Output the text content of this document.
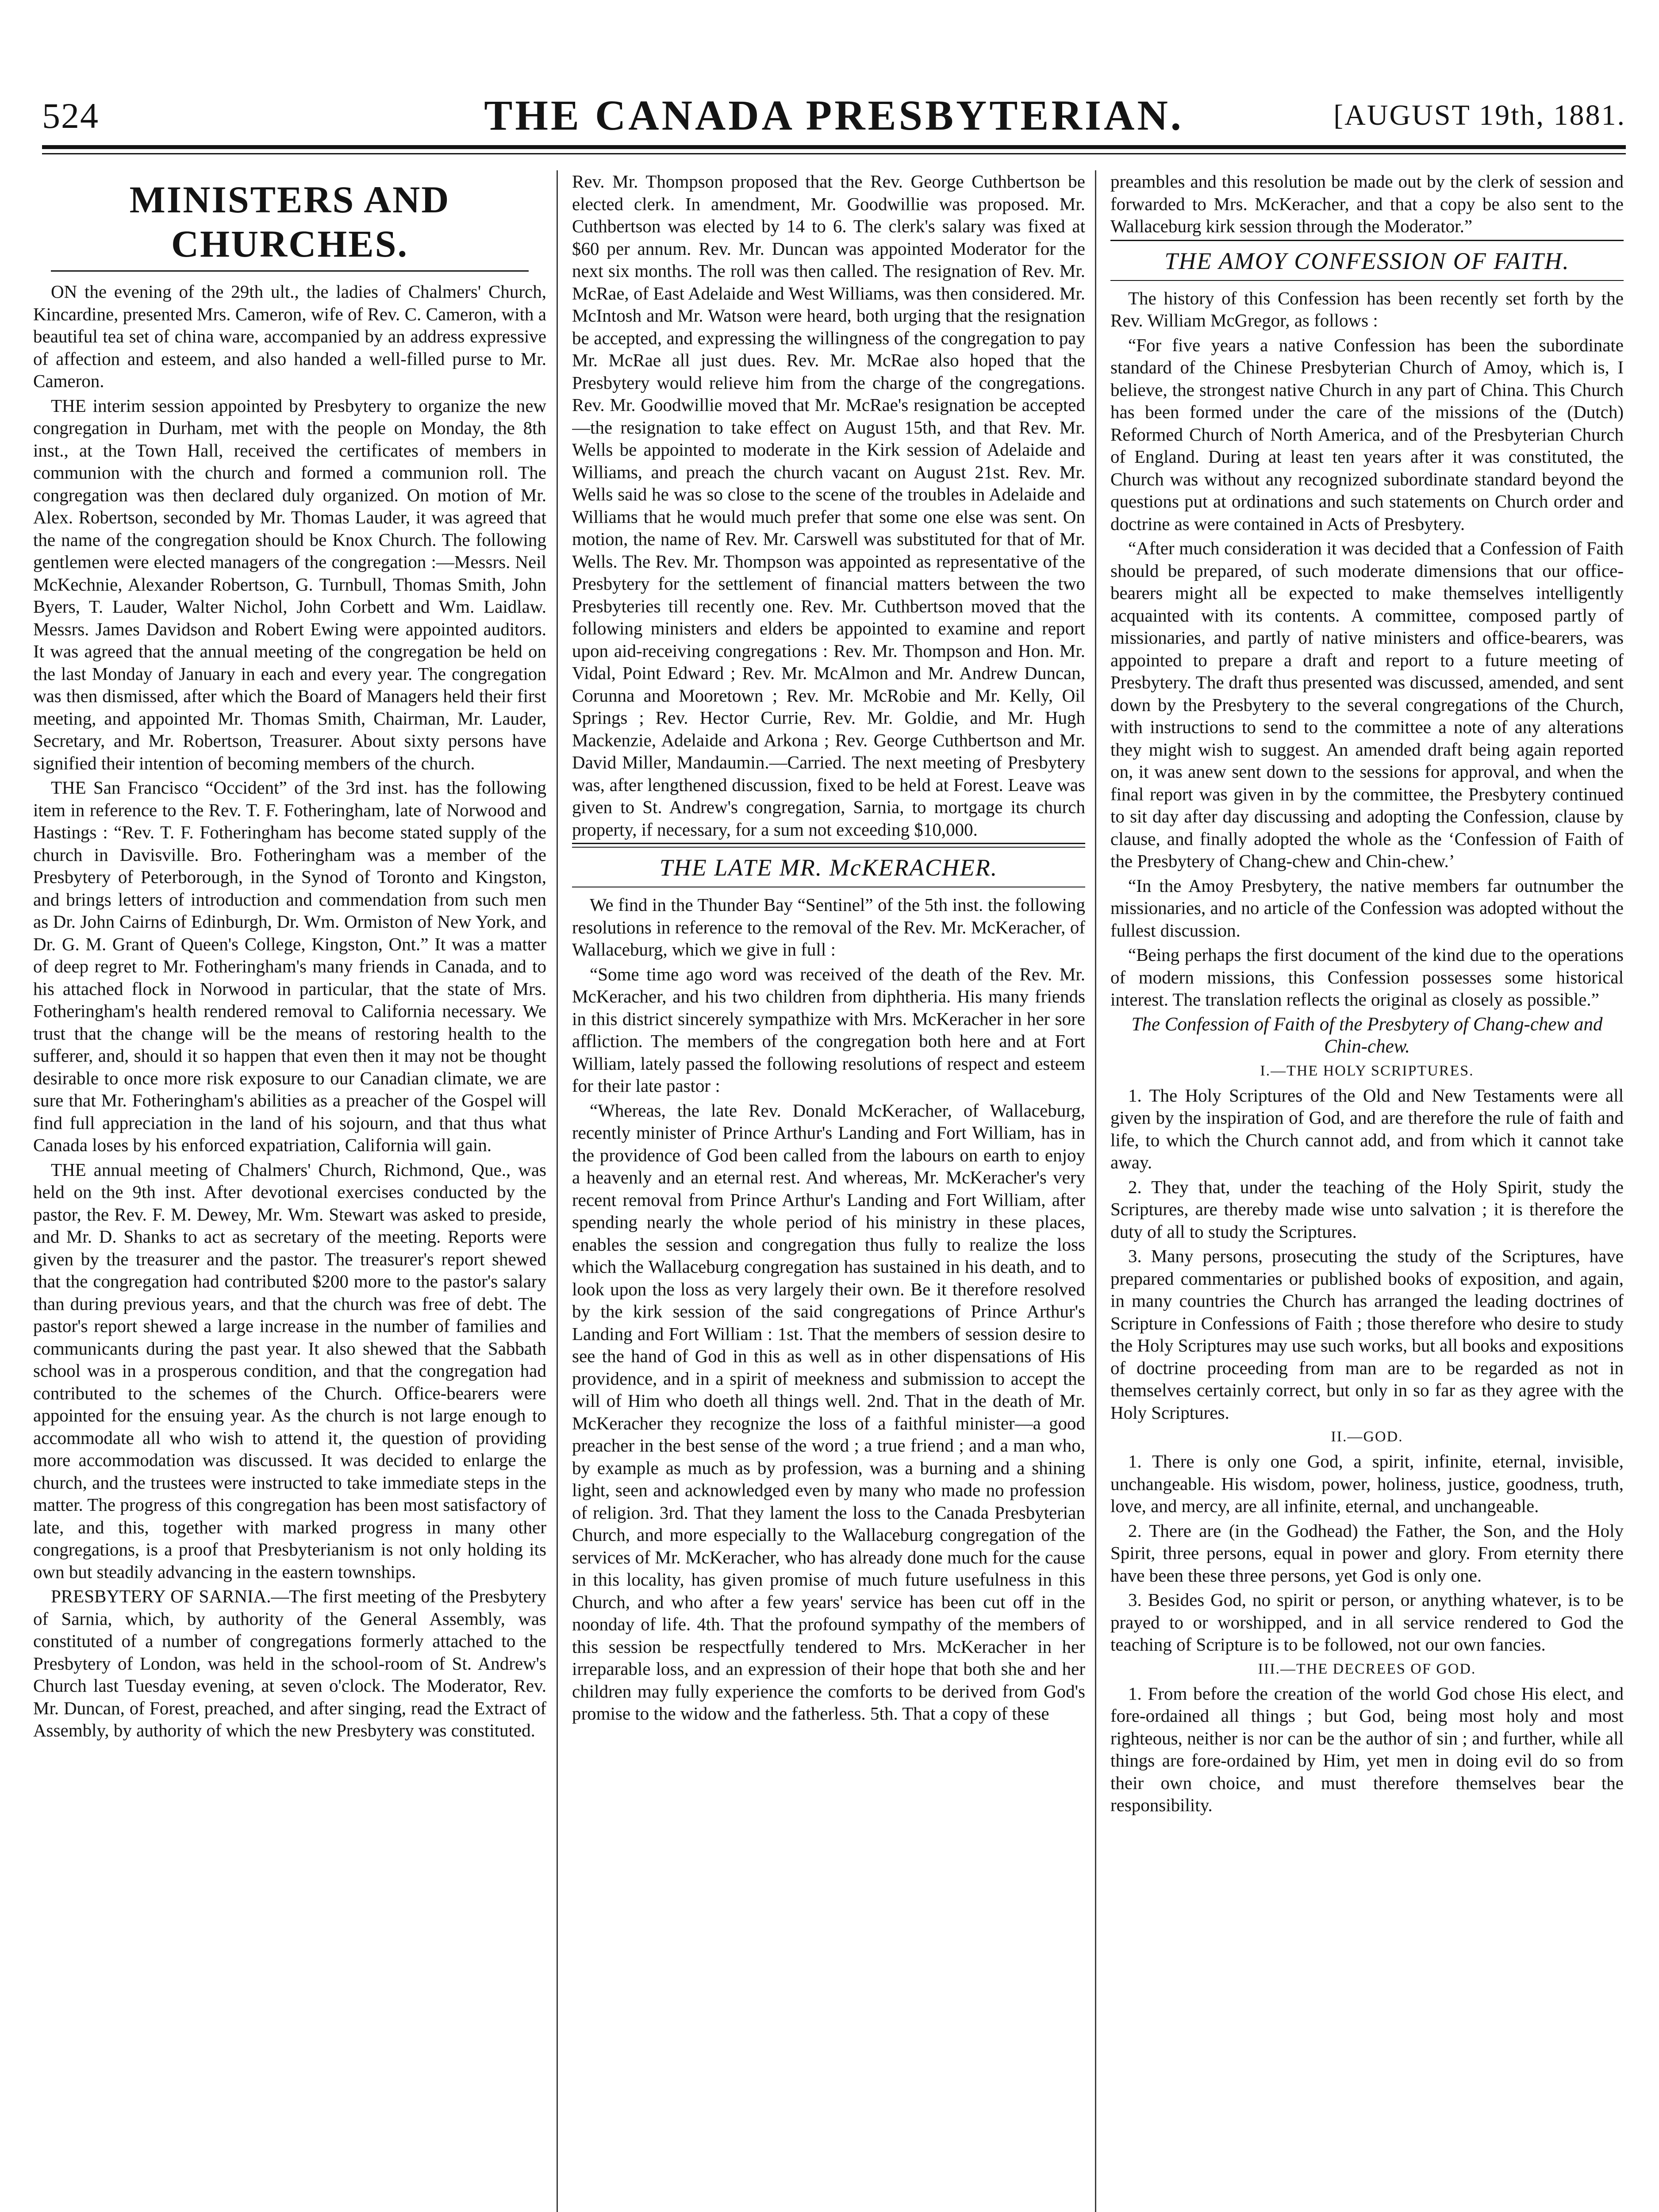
524	THE CANADA PRESBYTERIAN.	[AUGUST 19th, 1881.
MINISTERS AND CHURCHES.

ON the evening of the 29th ult., the ladies of Chalmers' Church, Kincardine, presented Mrs. Cameron, wife of Rev. C. Cameron, with a beautiful tea set of china ware, accompanied by an address expressive of affection and esteem, and also handed a well-filled purse to Mr. Cameron.

THE interim session appointed by Presbytery to organize the new congregation in Durham, met with the people on Monday, the 8th inst., at the Town Hall, received the certificates of members in communion with the church and formed a communion roll. The congregation was then declared duly organized. On motion of Mr. Alex. Robertson, seconded by Mr. Thomas Lauder, it was agreed that the name of the congregation should be Knox Church. The following gentlemen were elected managers of the congregation :—Messrs. Neil McKechnie, Alexander Robertson, G. Turnbull, Thomas Smith, John Byers, T. Lauder, Walter Nichol, John Corbett and Wm. Laidlaw. Messrs. James Davidson and Robert Ewing were appointed auditors. It was agreed that the annual meeting of the congregation be held on the last Monday of January in each and every year. The congregation was then dismissed, after which the Board of Managers held their first meeting, and appointed Mr. Thomas Smith, Chairman, Mr. Lauder, Secretary, and Mr. Robertson, Treasurer. About sixty persons have signified their intention of becoming members of the church.

THE San Francisco “Occident” of the 3rd inst. has the following item in reference to the Rev. T. F. Fotheringham, late of Norwood and Hastings : “Rev. T. F. Fotheringham has become stated supply of the church in Davisville. Bro. Fotheringham was a member of the Presbytery of Peterborough, in the Synod of Toronto and Kingston, and brings letters of introduction and commendation from such men as Dr. John Cairns of Edinburgh, Dr. Wm. Ormiston of New York, and Dr. G. M. Grant of Queen's College, Kingston, Ont.” It was a matter of deep regret to Mr. Fotheringham's many friends in Canada, and to his attached flock in Norwood in particular, that the state of Mrs. Fotheringham's health rendered removal to California necessary. We trust that the change will be the means of restoring health to the sufferer, and, should it so happen that even then it may not be thought desirable to once more risk exposure to our Canadian climate, we are sure that Mr. Fotheringham's abilities as a preacher of the Gospel will find full appreciation in the land of his sojourn, and that thus what Canada loses by his enforced expatriation, California will gain.

THE annual meeting of Chalmers' Church, Richmond, Que., was held on the 9th inst. After devotional exercises conducted by the pastor, the Rev. F. M. Dewey, Mr. Wm. Stewart was asked to preside, and Mr. D. Shanks to act as secretary of the meeting. Reports were given by the treasurer and the pastor. The treasurer's report shewed that the congregation had contributed $200 more to the pastor's salary than during previous years, and that the church was free of debt. The pastor's report shewed a large increase in the number of families and communicants during the past year. It also shewed that the Sabbath school was in a prosperous condition, and that the congregation had contributed to the schemes of the Church. Office-bearers were appointed for the ensuing year. As the church is not large enough to accommodate all who wish to attend it, the question of providing more accommodation was discussed. It was decided to enlarge the church, and the trustees were instructed to take immediate steps in the matter. The progress of this congregation has been most satisfactory of late, and this, together with marked progress in many other congregations, is a proof that Presbyterianism is not only holding its own but steadily advancing in the eastern townships.

PRESBYTERY OF SARNIA.—The first meeting of the Presbytery of Sarnia, which, by authority of the General Assembly, was constituted of a number of congregations formerly attached to the Presbytery of London, was held in the school-room of St. Andrew's Church last Tuesday evening, at seven o'clock. The Moderator, Rev. Mr. Duncan, of Forest, preached, and after singing, read the Extract of Assembly, by authority of which the new Presbytery was constituted.

Rev. Mr. Thompson proposed that the Rev. George Cuthbertson be elected clerk. In amendment, Mr. Goodwillie was proposed. Mr. Cuthbertson was elected by 14 to 6. The clerk's salary was fixed at $60 per annum. Rev. Mr. Duncan was appointed Moderator for the next six months. The roll was then called. The resignation of Rev. Mr. McRae, of East Adelaide and West Williams, was then considered. Mr. McIntosh and Mr. Watson were heard, both urging that the resignation be accepted, and expressing the willingness of the congregation to pay Mr. McRae all just dues. Rev. Mr. McRae also hoped that the Presbytery would relieve him from the charge of the congregations. Rev. Mr. Goodwillie moved that Mr. McRae's resignation be accepted—the resignation to take effect on August 15th, and that Rev. Mr. Wells be appointed to moderate in the Kirk session of Adelaide and Williams, and preach the church vacant on August 21st. Rev. Mr. Wells said he was so close to the scene of the troubles in Adelaide and Williams that he would much prefer that some one else was sent. On motion, the name of Rev. Mr. Carswell was substituted for that of Mr. Wells. The Rev. Mr. Thompson was appointed as representative of the Presbytery for the settlement of financial matters between the two Presbyteries till recently one. Rev. Mr. Cuthbertson moved that the following ministers and elders be appointed to examine and report upon aid-receiving congregations : Rev. Mr. Thompson and Hon. Mr. Vidal, Point Edward ; Rev. Mr. McAlmon and Mr. Andrew Duncan, Corunna and Mooretown ; Rev. Mr. McRobie and Mr. Kelly, Oil Springs ; Rev. Hector Currie, Rev. Mr. Goldie, and Mr. Hugh Mackenzie, Adelaide and Arkona ; Rev. George Cuthbertson and Mr. David Miller, Mandaumin.—Carried. The next meeting of Presbytery was, after lengthened discussion, fixed to be held at Forest. Leave was given to St. Andrew's congregation, Sarnia, to mortgage its church property, if necessary, for a sum not exceeding $10,000.

THE LATE MR. McKERACHER.

We find in the Thunder Bay “Sentinel” of the 5th inst. the following resolutions in reference to the removal of the Rev. Mr. McKeracher, of Wallaceburg, which we give in full :

“Some time ago word was received of the death of the Rev. Mr. McKeracher, and his two children from diphtheria. His many friends in this district sincerely sympathize with Mrs. McKeracher in her sore affliction. The members of the congregation both here and at Fort William, lately passed the following resolutions of respect and esteem for their late pastor :

“Whereas, the late Rev. Donald McKeracher, of Wallaceburg, recently minister of Prince Arthur's Landing and Fort William, has in the providence of God been called from the labours on earth to enjoy a heavenly and an eternal rest. And whereas, Mr. McKeracher's very recent removal from Prince Arthur's Landing and Fort William, after spending nearly the whole period of his ministry in these places, enables the session and congregation thus fully to realize the loss which the Wallaceburg congregation has sustained in his death, and to look upon the loss as very largely their own. Be it therefore resolved by the kirk session of the said congregations of Prince Arthur's Landing and Fort William : 1st. That the members of session desire to see the hand of God in this as well as in other dispensations of His providence, and in a spirit of meekness and submission to accept the will of Him who doeth all things well. 2nd. That in the death of Mr. McKeracher they recognize the loss of a faithful minister—a good preacher in the best sense of the word ; a true friend ; and a man who, by example as much as by profession, was a burning and a shining light, seen and acknowledged even by many who made no profession of religion. 3rd. That they lament the loss to the Canada Presbyterian Church, and more especially to the Wallaceburg congregation of the services of Mr. McKeracher, who has already done much for the cause in this locality, has given promise of much future usefulness in this Church, and who after a few years' service has been cut off in the noonday of life. 4th. That the profound sympathy of the members of this session be respectfully tendered to Mrs. McKeracher in her irreparable loss, and an expression of their hope that both she and her children may fully experience the comforts to be derived from God's promise to the widow and the fatherless. 5th. That a copy of these

preambles and this resolution be made out by the clerk of session and forwarded to Mrs. McKeracher, and that a copy be also sent to the Wallaceburg kirk session through the Moderator.”

THE AMOY CONFESSION OF FAITH.

The history of this Confession has been recently set forth by the Rev. William McGregor, as follows :

“For five years a native Confession has been the subordinate standard of the Chinese Presbyterian Church of Amoy, which is, I believe, the strongest native Church in any part of China. This Church has been formed under the care of the missions of the (Dutch) Reformed Church of North America, and of the Presbyterian Church of England. During at least ten years after it was constituted, the Church was without any recognized subordinate standard beyond the questions put at ordinations and such statements on Church order and doctrine as were contained in Acts of Presbytery.

“After much consideration it was decided that a Confession of Faith should be prepared, of such moderate dimensions that our office-bearers might all be expected to make themselves intelligently acquainted with its contents. A committee, composed partly of missionaries, and partly of native ministers and office-bearers, was appointed to prepare a draft and report to a future meeting of Presbytery. The draft thus presented was discussed, amended, and sent down by the Presbytery to the several congregations of the Church, with instructions to send to the committee a note of any alterations they might wish to suggest. An amended draft being again reported on, it was anew sent down to the sessions for approval, and when the final report was given in by the committee, the Presbytery continued to sit day after day discussing and adopting the Confession, clause by clause, and finally adopted the whole as the ‘Confession of Faith of the Presbytery of Chang-chew and Chin-chew.’

“In the Amoy Presbytery, the native members far outnumber the missionaries, and no article of the Confession was adopted without the fullest discussion.

“Being perhaps the first document of the kind due to the operations of modern missions, this Confession possesses some historical interest. The translation reflects the original as closely as possible.”

The Confession of Faith of the Presbytery of Chang-chew and Chin-chew.
I.—THE HOLY SCRIPTURES.

1. The Holy Scriptures of the Old and New Testaments were all given by the inspiration of God, and are therefore the rule of faith and life, to which the Church cannot add, and from which it cannot take away.

2. They that, under the teaching of the Holy Spirit, study the Scriptures, are thereby made wise unto salvation ; it is therefore the duty of all to study the Scriptures.

3. Many persons, prosecuting the study of the Scriptures, have prepared commentaries or published books of exposition, and again, in many countries the Church has arranged the leading doctrines of Scripture in Confessions of Faith ; those therefore who desire to study the Holy Scriptures may use such works, but all books and expositions of doctrine proceeding from man are to be regarded as not in themselves certainly correct, but only in so far as they agree with the Holy Scriptures.

II.—GOD.

1. There is only one God, a spirit, infinite, eternal, invisible, unchangeable. His wisdom, power, holiness, justice, goodness, truth, love, and mercy, are all infinite, eternal, and unchangeable.

2. There are (in the Godhead) the Father, the Son, and the Holy Spirit, three persons, equal in power and glory. From eternity there have been these three persons, yet God is only one.

3. Besides God, no spirit or person, or anything whatever, is to be prayed to or worshipped, and in all service rendered to God the teaching of Scripture is to be followed, not our own fancies.

III.—THE DECREES OF GOD.

1. From before the creation of the world God chose His elect, and fore-ordained all things ; but God, being most holy and most righteous, neither is nor can be the author of sin ; and further, while all things are fore-ordained by Him, yet men in doing evil do so from their own choice, and must therefore themselves bear the responsibility.
